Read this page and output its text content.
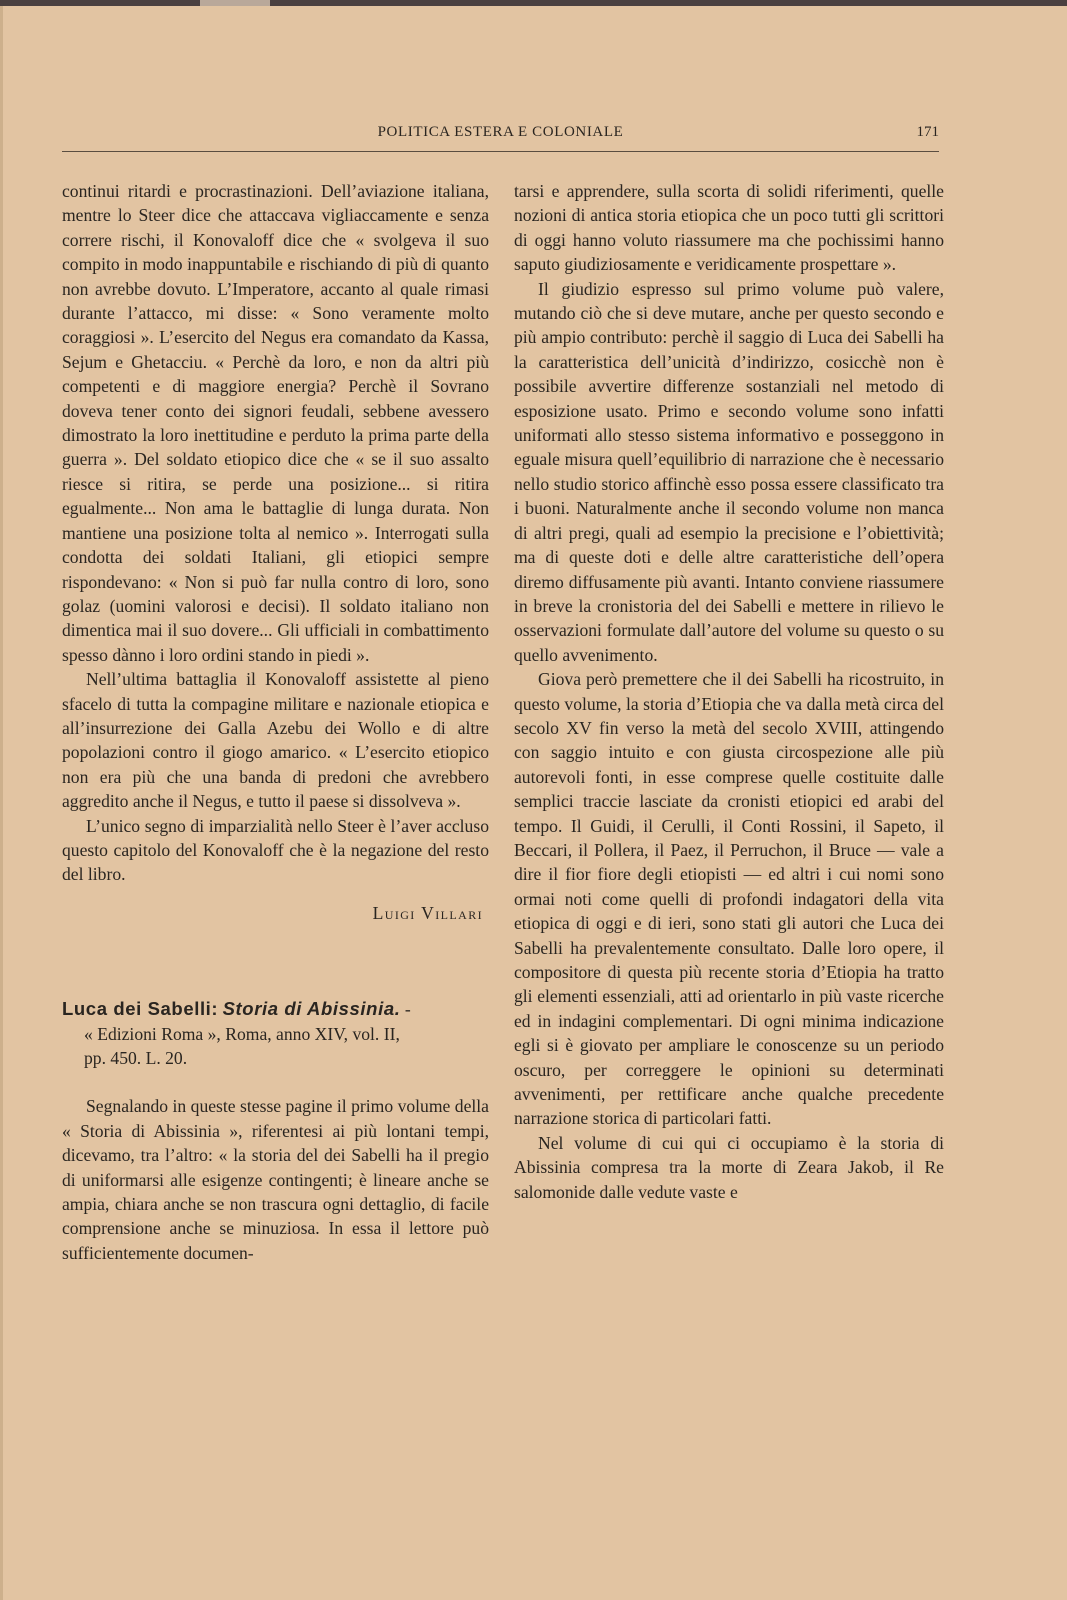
POLITICA ESTERA E COLONIALE	171

continui ritardi e procrastinazioni. Dell’aviazione italiana, mentre lo Steer dice che attaccava vigliaccamente e senza correre rischi, il Konovaloff dice che « svolgeva il suo compito in modo inappuntabile e rischiando di più di quanto non avrebbe dovuto. L’Imperatore, accanto al quale rimasi durante l’attacco, mi disse: « Sono veramente molto coraggiosi ». L’esercito del Negus era comandato da Kassa, Sejum e Ghetacciu. « Perchè da loro, e non da altri più competenti e di maggiore energia? Perchè il Sovrano doveva tener conto dei signori feudali, sebbene avessero dimostrato la loro inettitudine e perduto la prima parte della guerra ». Del soldato etiopico dice che « se il suo assalto riesce si ritira, se perde una posizione... si ritira egualmente... Non ama le battaglie di lunga durata. Non mantiene una posizione tolta al nemico ». Interrogati sulla condotta dei soldati Italiani, gli etiopici sempre rispondevano: « Non si può far nulla contro di loro, sono golaz (uomini valorosi e decisi). Il soldato italiano non dimentica mai il suo dovere... Gli ufficiali in combattimento spesso dànno i loro ordini stando in piedi ».

Nell’ultima battaglia il Konovaloff assistette al pieno sfacelo di tutta la compagine militare e nazionale etiopica e all’insurrezione dei Galla Azebu dei Wollo e di altre popolazioni contro il giogo amarico. « L’esercito etiopico non era più che una banda di predoni che avrebbero aggredito anche il Negus, e tutto il paese si dissolveva ».

L’unico segno di imparzialità nello Steer è l’aver accluso questo capitolo del Konovaloff che è la negazione del resto del libro.

Luigi Villari

Luca dei Sabelli: Storia di Abissinia. -

« Edizioni Roma », Roma, anno XIV, vol. II,

pp. 450. L. 20.

Segnalando in queste stesse pagine il primo volume della « Storia di Abissinia », riferentesi ai più lontani tempi, dicevamo, tra l’altro: « la storia del dei Sabelli ha il pregio di uniformarsi alle esigenze contingenti; è lineare anche se ampia, chiara anche se non trascura ogni dettaglio, di facile comprensione anche se minuziosa. In essa il lettore può sufficientemente documen-

tarsi e apprendere, sulla scorta di solidi riferimenti, quelle nozioni di antica storia etiopica che un poco tutti gli scrittori di oggi hanno voluto riassumere ma che pochissimi hanno saputo giudiziosamente e veridicamente prospettare ».

Il giudizio espresso sul primo volume può valere, mutando ciò che si deve mutare, anche per questo secondo e più ampio contributo: perchè il saggio di Luca dei Sabelli ha la caratteristica dell’unicità d’indirizzo, cosicchè non è possibile avvertire differenze sostanziali nel metodo di esposizione usato. Primo e secondo volume sono infatti uniformati allo stesso sistema informativo e posseggono in eguale misura quell’equilibrio di narrazione che è necessario nello studio storico affinchè esso possa essere classificato tra i buoni. Naturalmente anche il secondo volume non manca di altri pregi, quali ad esempio la precisione e l’obiettività; ma di queste doti e delle altre caratteristiche dell’opera diremo diffusamente più avanti. Intanto conviene riassumere in breve la cronistoria del dei Sabelli e mettere in rilievo le osservazioni formulate dall’autore del volume su questo o su quello avvenimento.

Giova però premettere che il dei Sabelli ha ricostruito, in questo volume, la storia d’Etiopia che va dalla metà circa del secolo XV fin verso la metà del secolo XVIII, attingendo con saggio intuito e con giusta circospezione alle più autorevoli fonti, in esse comprese quelle costituite dalle semplici traccie lasciate da cronisti etiopici ed arabi del tempo. Il Guidi, il Cerulli, il Conti Rossini, il Sapeto, il Beccari, il Pollera, il Paez, il Perruchon, il Bruce — vale a dire il fior fiore degli etiopisti — ed altri i cui nomi sono ormai noti come quelli di profondi indagatori della vita etiopica di oggi e di ieri, sono stati gli autori che Luca dei Sabelli ha prevalentemente consultato. Dalle loro opere, il compositore di questa più recente storia d’Etiopia ha tratto gli elementi essenziali, atti ad orientarlo in più vaste ricerche ed in indagini complementari. Di ogni minima indicazione egli si è giovato per ampliare le conoscenze su un periodo oscuro, per correggere le opinioni su determinati avvenimenti, per rettificare anche qualche precedente narrazione storica di particolari fatti.

Nel volume di cui qui ci occupiamo è la storia di Abissinia compresa tra la morte di Zeara Jakob, il Re salomonide dalle vedute vaste e
